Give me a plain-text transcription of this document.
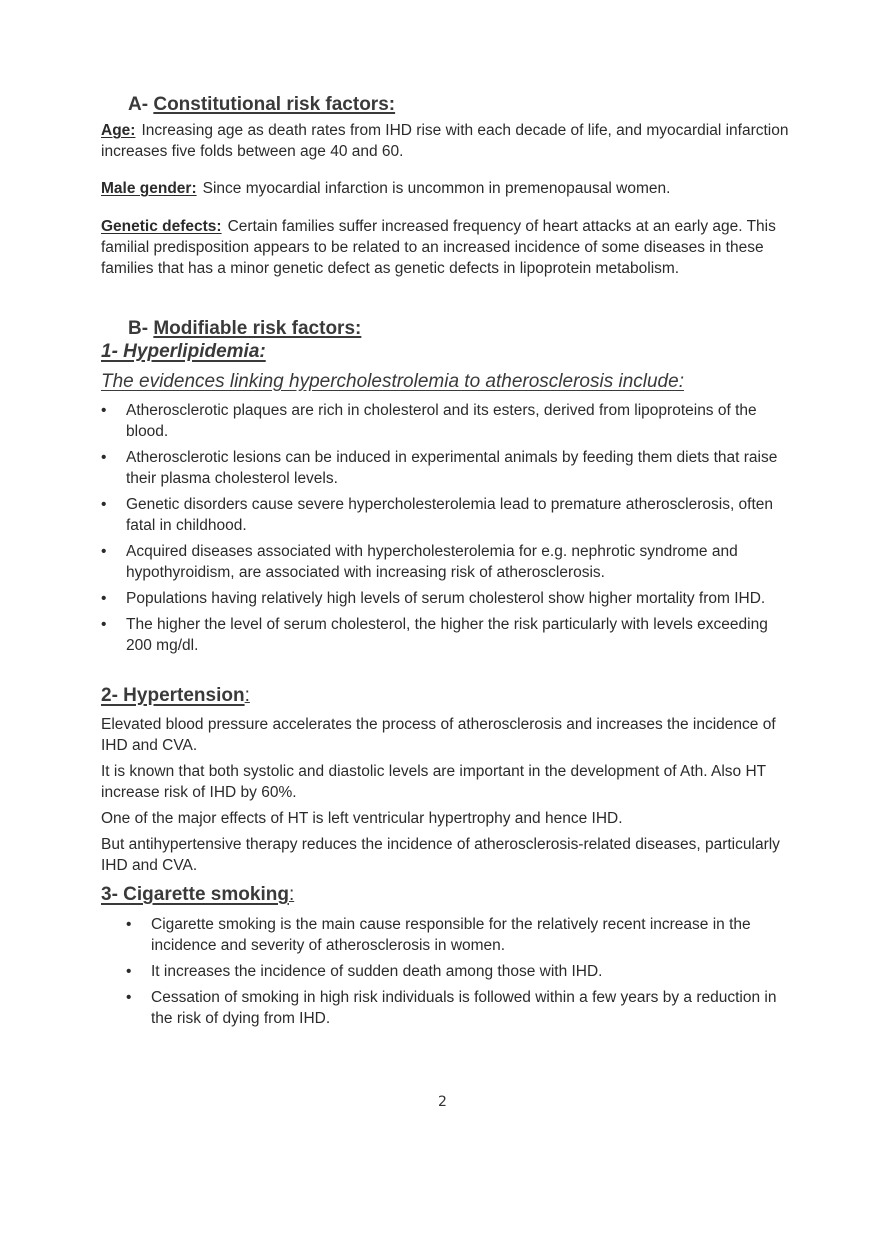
A- Constitutional risk factors:
Age: Increasing age as death rates from IHD rise with each decade of life, and myocardial infarction increases five folds between age 40 and 60.
Male gender: Since myocardial infarction is uncommon in premenopausal women.
Genetic defects: Certain families suffer increased frequency of heart attacks at an early age. This familial predisposition appears to be related to an increased incidence of some diseases in these families that has a minor genetic defect as genetic defects in lipoprotein metabolism.
B- Modifiable risk factors:
1- Hyperlipidemia:
The evidences linking hypercholestrolemia to atherosclerosis include:
• Atherosclerotic plaques are rich in cholesterol and its esters, derived from lipoproteins of the blood.
• Atherosclerotic lesions can be induced in experimental animals by feeding them diets that raise their plasma cholesterol levels.
• Genetic disorders cause severe hypercholesterolemia lead to premature atherosclerosis, often fatal in childhood.
• Acquired diseases associated with hypercholesterolemia for e.g. nephrotic syndrome and hypothyroidism, are associated with increasing risk of atherosclerosis.
• Populations having relatively high levels of serum cholesterol show higher mortality from IHD.
• The higher the level of serum cholesterol, the higher the risk particularly with levels exceeding 200 mg/dl.
2- Hypertension:
Elevated blood pressure accelerates the process of atherosclerosis and increases the incidence of IHD and CVA.
It is known that both systolic and diastolic levels are important in the development of Ath. Also HT increase risk of IHD by 60%.
One of the major effects of HT is left ventricular hypertrophy and hence IHD.
But antihypertensive therapy reduces the incidence of atherosclerosis-related diseases, particularly IHD and CVA.
3- Cigarette smoking:
• Cigarette smoking is the main cause responsible for the relatively recent increase in the incidence and severity of atherosclerosis in women.
• It increases the incidence of sudden death among those with IHD.
• Cessation of smoking in high risk individuals is followed within a few years by a reduction in the risk of dying from IHD.
2
